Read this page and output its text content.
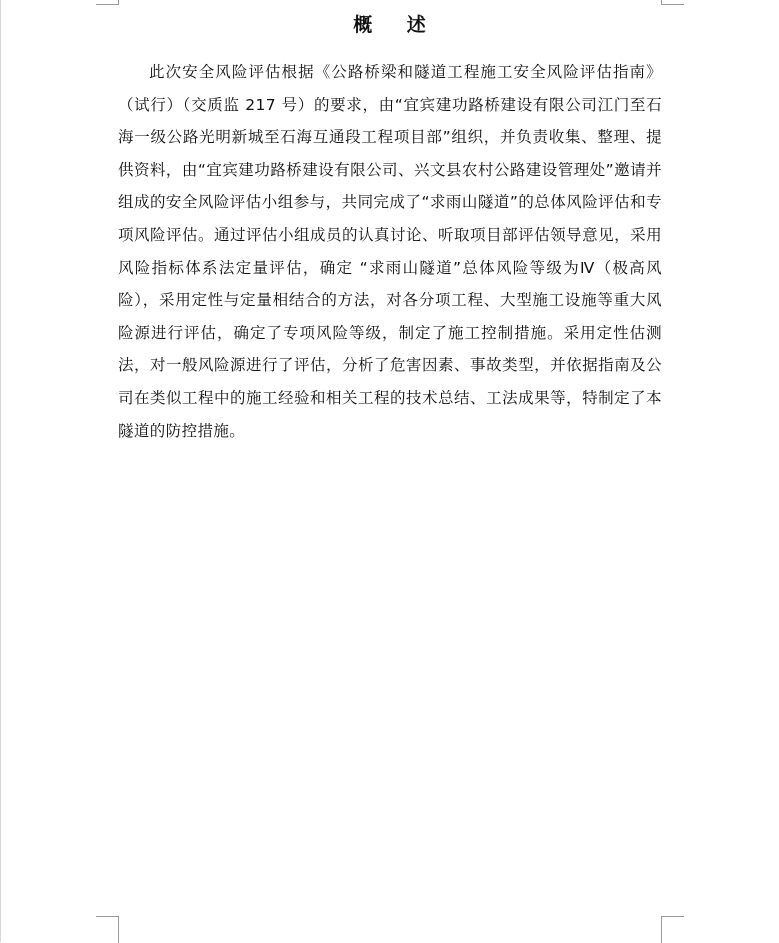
概 述

此次安全风险评估根据《公路桥梁和隧道工程施工安全风险评估指南》（试行）（交质监 217 号）的要求，由“宜宾建功路桥建设有限公司江门至石海一级公路光明新城至石海互通段工程项目部”组织，并负责收集、整理、提供资料，由“宜宾建功路桥建设有限公司、兴文县农村公路建设管理处”邀请并组成的安全风险评估小组参与，共同完成了“求雨山隧道”的总体风险评估和专项风险评估。通过评估小组成员的认真讨论、听取项目部评估领导意见，采用风险指标体系法定量评估，确定 “求雨山隧道”总体风险等级为Ⅳ（极高风险），采用定性与定量相结合的方法，对各分项工程、大型施工设施等重大风险源进行评估，确定了专项风险等级，制定了施工控制措施。采用定性估测法，对一般风险源进行了评估，分析了危害因素、事故类型，并依据指南及公司在类似工程中的施工经验和相关工程的技术总结、工法成果等，特制定了本隧道的防控措施。
